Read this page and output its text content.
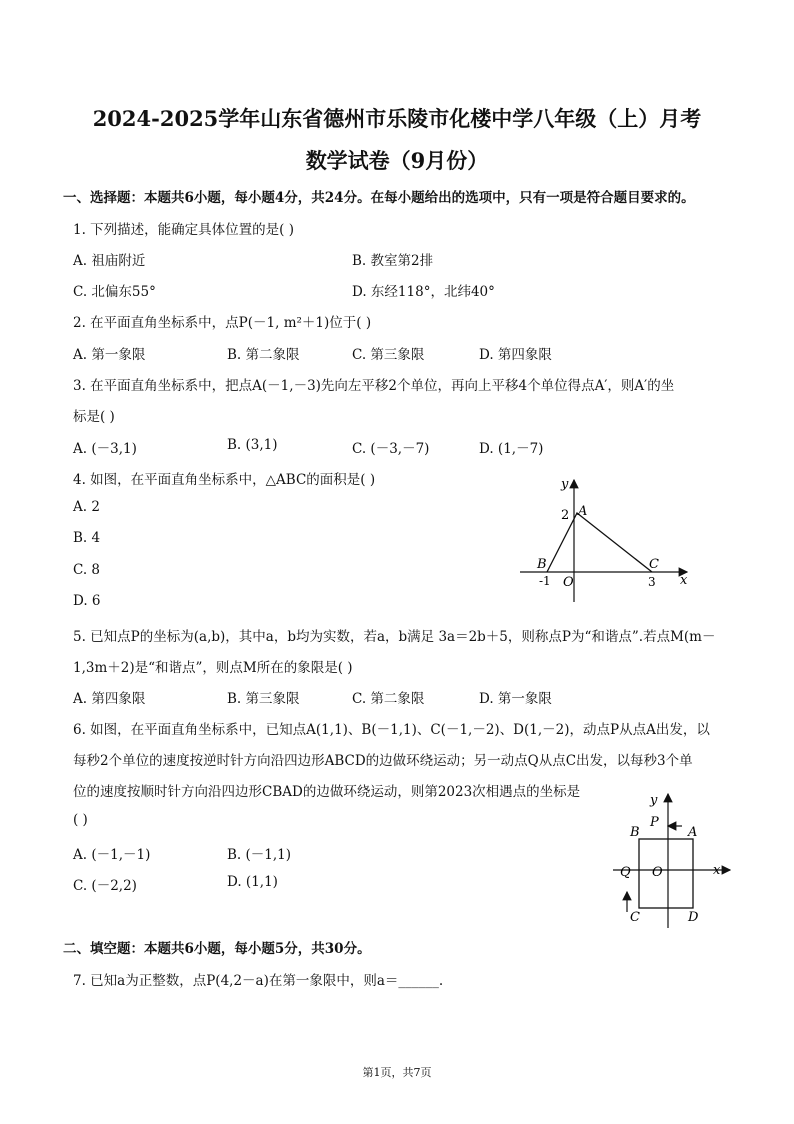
2024-2025学年山东省德州市乐陵市化楼中学八年级（上）月考
数学试卷（9月份）
一、选择题：本题共6小题，每小题4分，共24分。在每小题给出的选项中，只有一项是符合题目要求的。
1. 下列描述，能确定具体位置的是( )
A. 祖庙附近	B. 教室第2排
C. 北偏东55°	D. 东经118°，北纬40°
2. 在平面直角坐标系中，点P(－1, m²＋1)位于( )
A. 第一象限	B. 第二象限	C. 第三象限	D. 第四象限
3. 在平面直角坐标系中，把点A(－1,－3)先向左平移2个单位，再向上平移4个单位得点A′，则A′的坐
标是( )
A. (－3,1)	B. (3,1)	C. (－3,－7)	D. (1,－7)
4. 如图，在平面直角坐标系中，△ABC的面积是( )
A. 2
B. 4
C. 8
D. 6
y
2 A
B	C
-1 O	3 x
5. 已知点P的坐标为(a,b)，其中a，b均为实数，若a，b满足 3a＝2b＋5，则称点P为“和谐点”.若点M(m－
1,3m＋2)是“和谐点”，则点M所在的象限是( )
A. 第四象限	B. 第三象限	C. 第二象限	D. 第一象限
6. 如图，在平面直角坐标系中，已知点A(1,1)、B(－1,1)、C(－1,－2)、D(1,－2)，动点P从点A出发，以
每秒2个单位的速度按逆时针方向沿四边形ABCD的边做环绕运动；另一动点Q从点C出发，以每秒3个单
位的速度按顺时针方向沿四边形CBAD的边做环绕运动，则第2023次相遇点的坐标是
( )
A. (－1,－1)	B. (－1,1)
C. (－2,2)	D. (1,1)
y
P
B	A
Q O	x
C	D
二、填空题：本题共6小题，每小题5分，共30分。
7. 已知a为正整数，点P(4,2－a)在第一象限中，则a＝______.
第1页，共7页
